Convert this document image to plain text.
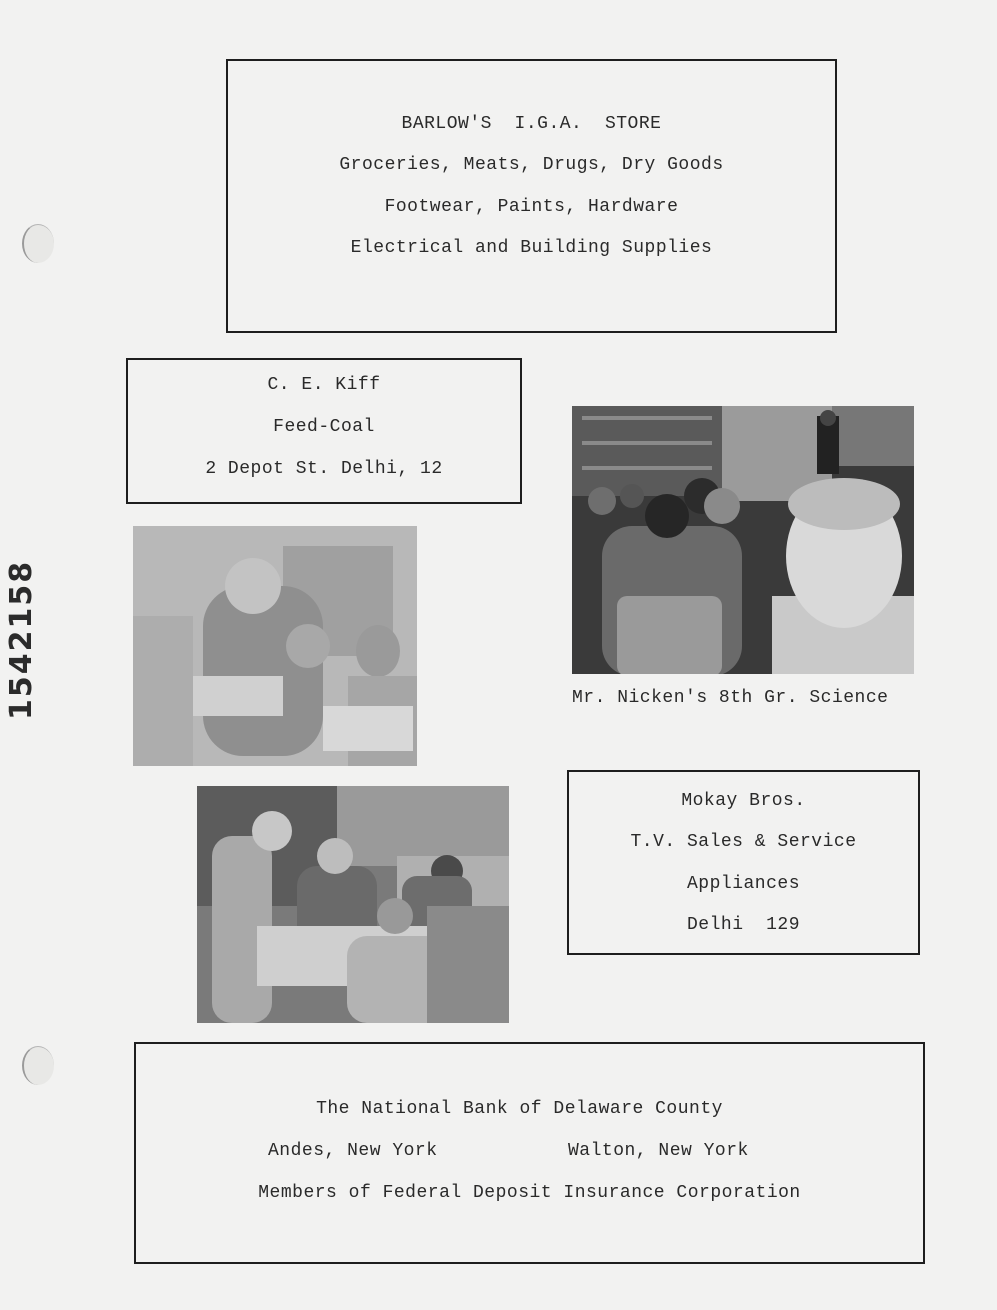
1542158
BARLOW'S  I.G.A.  STORE
Groceries, Meats, Drugs, Dry Goods
Footwear, Paints, Hardware
Electrical and Building Supplies
C. E. Kiff
Feed-Coal
2 Depot St. Delhi, 12
Mr. Nicken's 8th Gr. Science
Mokay Bros.
T.V. Sales & Service
Appliances
Delhi  129
The National Bank of Delaware County
Andes, New York	Walton, New York
Members of Federal Deposit Insurance Corporation
